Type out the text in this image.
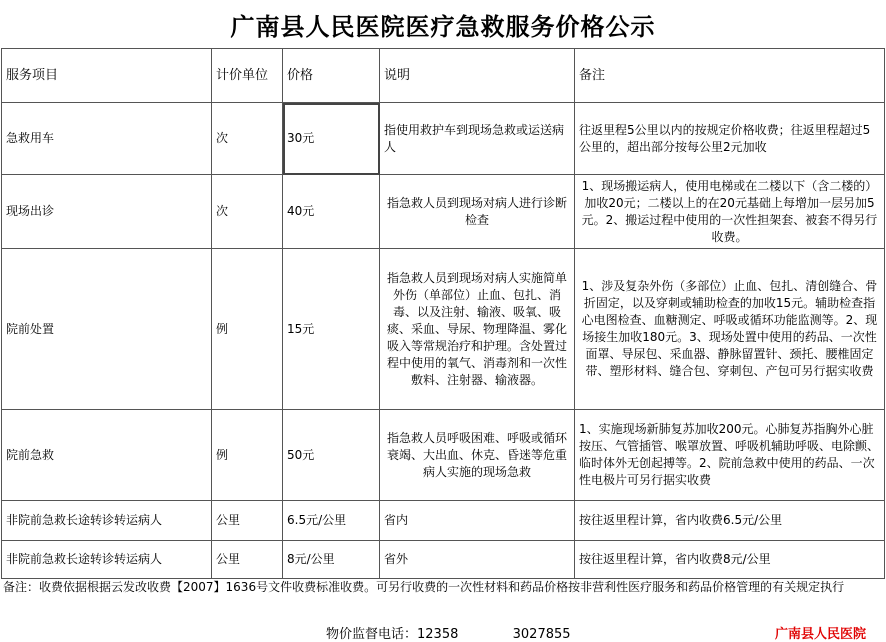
广南县人民医院医疗急救服务价格公示
服务项目	计价单位	价格	说明	备注
急救用车	次	30元	指使用救护车到现场急救或运送病人	往返里程5公里以内的按规定价格收费；往返里程超过5公里的，超出部分按每公里2元加收
现场出诊	次	40元	指急救人员到现场对病人进行诊断检查	1、现场搬运病人，使用电梯或在二楼以下（含二楼的）加收20元；二楼以上的在20元基础上每增加一层另加5元。2、搬运过程中使用的一次性担架套、被套不得另行收费。
院前处置	例	15元	指急救人员到现场对病人实施简单外伤（单部位）止血、包扎、消毒、以及注射、输液、吸氧、吸痰、采血、导尿、物理降温、雾化吸入等常规治疗和护理。含处置过程中使用的氧气、消毒剂和一次性敷料、注射器、输液器。	1、涉及复杂外伤（多部位）止血、包扎、清创缝合、骨折固定，以及穿刺或辅助检查的加收15元。辅助检查指心电图检查、血糖测定、呼吸或循环功能监测等。2、现场接生加收180元。3、现场处置中使用的药品、一次性面罩、导尿包、采血器、静脉留置针、颈托、腰椎固定带、塑形材料、缝合包、穿刺包、产包可另行据实收费
院前急救	例	50元	指急救人员呼吸困难、呼吸或循环衰竭、大出血、休克、昏迷等危重病人实施的现场急救	1、实施现场新肺复苏加收200元。心肺复苏指胸外心脏按压、气管插管、喉罩放置、呼吸机辅助呼吸、电除颤、临时体外无创起搏等。2、院前急救中使用的药品、一次性电极片可另行据实收费
非院前急救长途转诊转运病人	公里	6.5元/公里	省内	按往返里程计算，省内收费6.5元/公里
非院前急救长途转诊转运病人	公里	8元/公里	省外	按往返里程计算，省内收费8元/公里
备注：收费依据根据云发改收费【2007】1636号文件收费标准收费。可另行收费的一次性材料和药品价格按非营利性医疗服务和药品价格管理的有关规定执行
物价监督电话：12358	3027855	广南县人民医院
